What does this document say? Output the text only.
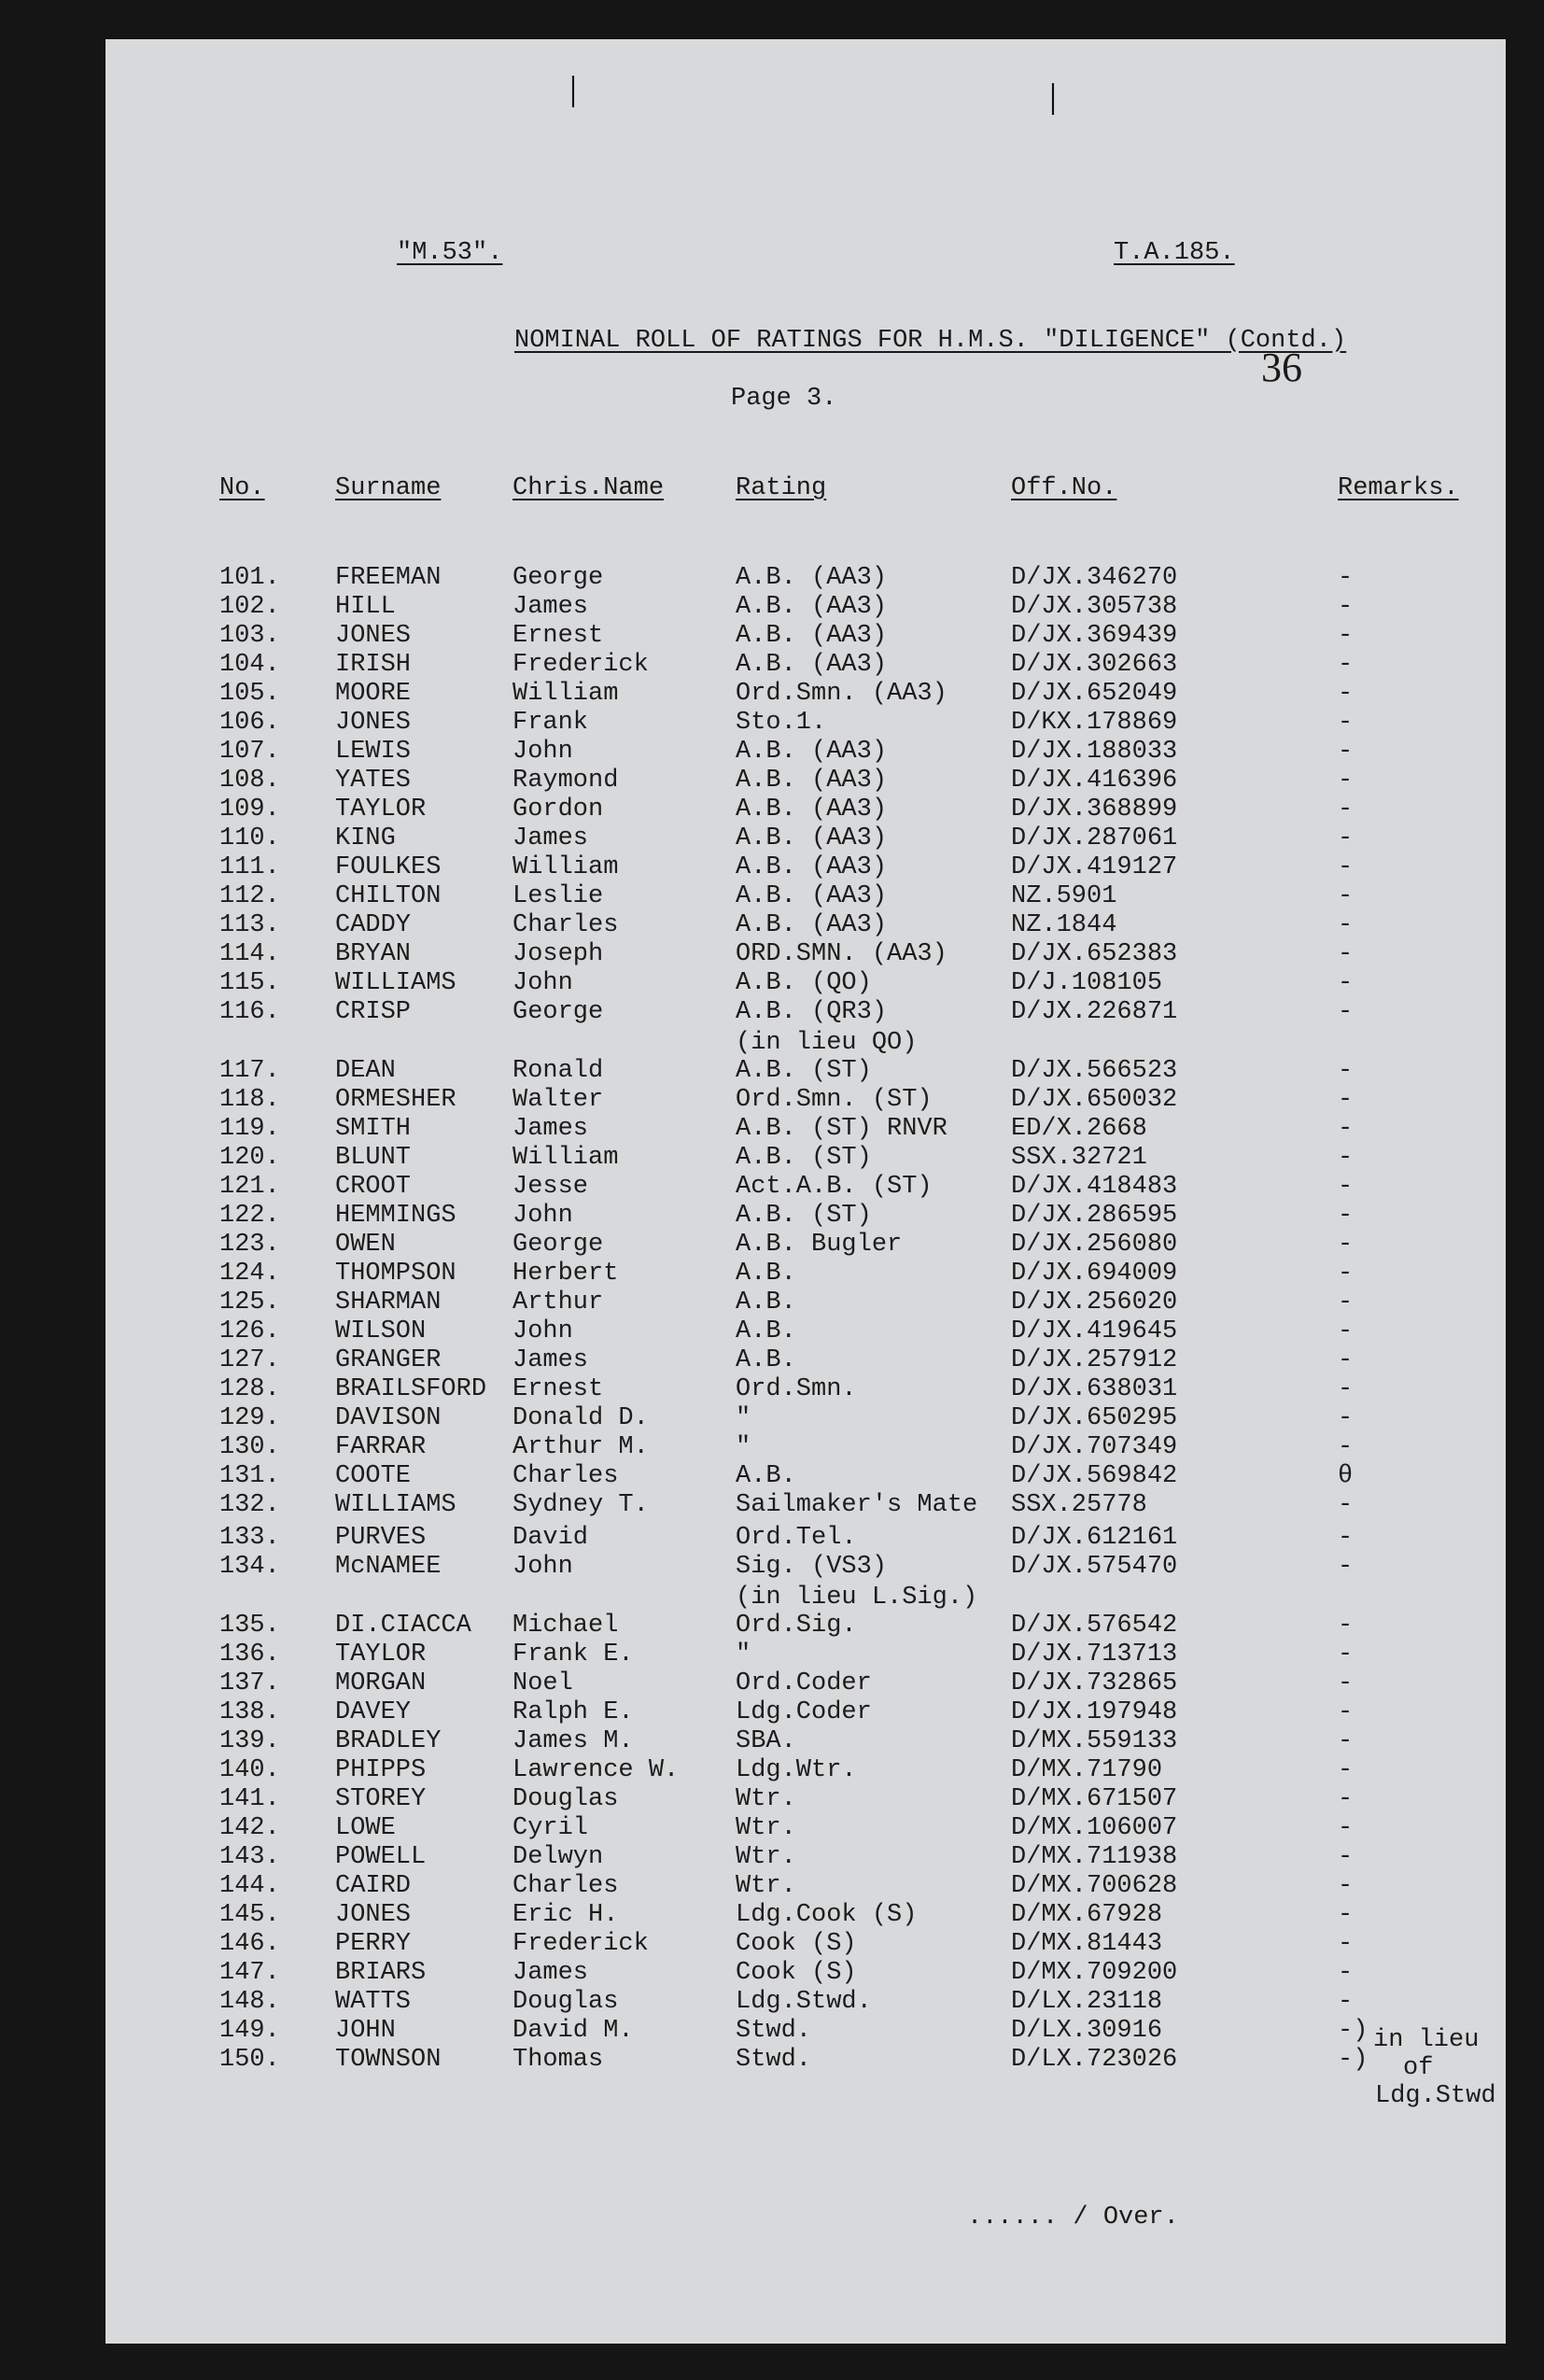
│	│
"M.53".	T.A.185.
NOMINAL ROLL OF RATINGS FOR H.M.S. "DILIGENCE" (Contd.)
36
Page 3.
No.	Surname	Chris.Name	Rating	Off.No.	Remarks.
101. FREEMAN	George	A.B. (AA3)	D/JX.346270	-
102. HILL	James	A.B. (AA3)	D/JX.305738	-
103. JONES	Ernest	A.B. (AA3)	D/JX.369439	-
104. IRISH	Frederick	A.B. (AA3)	D/JX.302663	-
105. MOORE	William	Ord.Smn. (AA3)	D/JX.652049	-
106. JONES	Frank	Sto.1.	D/KX.178869	-
107. LEWIS	John	A.B. (AA3)	D/JX.188033	-
108. YATES	Raymond	A.B. (AA3)	D/JX.416396	-
109. TAYLOR	Gordon	A.B. (AA3)	D/JX.368899	-
110. KING	James	A.B. (AA3)	D/JX.287061	-
111. FOULKES	William	A.B. (AA3)	D/JX.419127	-
112. CHILTON	Leslie	A.B. (AA3)	NZ.5901	-
113. CADDY	Charles	A.B. (AA3)	NZ.1844	-
114. BRYAN	Joseph	ORD.SMN. (AA3)	D/JX.652383	-
115. WILLIAMS John	A.B. (QO)	D/J.108105	-
116. CRISP	George	A.B. (QR3)	D/JX.226871	-
117. DEAN	Ronald	A.B. (ST)	D/JX.566523	-
118. ORMESHER Walter	Ord.Smn. (ST)	D/JX.650032	-
119. SMITH	James	A.B. (ST) RNVR	ED/X.2668	-
120. BLUNT	William	A.B. (ST)	SSX.32721	-
121. CROOT	Jesse	Act.A.B. (ST)	D/JX.418483	-
122. HEMMINGS John	A.B. (ST)	D/JX.286595	-
123. OWEN	George	A.B. Bugler	D/JX.256080	-
124. THOMPSON Herbert	A.B.	D/JX.694009	-
125. SHARMAN	Arthur	A.B.	D/JX.256020	-
126. WILSON	John	A.B.	D/JX.419645	-
127. GRANGER	James	A.B.	D/JX.257912	-
128. BRAILSFORD Ernest	Ord.Smn.	D/JX.638031	-
129. DAVISON	Donald D.	"	D/JX.650295	-
130. FARRAR	Arthur M.	"	D/JX.707349	-
131. COOTE	Charles	A.B.	D/JX.569842	θ
132. WILLIAMS Sydney T.	Sailmaker's Mate SSX.25778	-
133. PURVES	David	Ord.Tel.	D/JX.612161	-
134. McNAMEE	John	Sig. (VS3)	D/JX.575470	-
135. DI.CIACCA Michael	Ord.Sig.	D/JX.576542	-
136. TAYLOR	Frank E.	"	D/JX.713713	-
137. MORGAN	Noel	Ord.Coder	D/JX.732865	-
138. DAVEY	Ralph E.	Ldg.Coder	D/JX.197948	-
139. BRADLEY	James M.	SBA.	D/MX.559133	-
140. PHIPPS	Lawrence W. Ldg.Wtr.	D/MX.71790	-
141. STOREY	Douglas	Wtr.	D/MX.671507	-
142. LOWE	Cyril	Wtr.	D/MX.106007	-
143. POWELL	Delwyn	Wtr.	D/MX.711938	-
144. CAIRD	Charles	Wtr.	D/MX.700628	-
145. JONES	Eric H.	Ldg.Cook (S)	D/MX.67928	-
146. PERRY	Frederick	Cook (S)	D/MX.81443	-
147. BRIARS	James	Cook (S)	D/MX.709200	-
148. WATTS	Douglas	Ldg.Stwd.	D/LX.23118	-
149. JOHN	David M.	Stwd.	D/LX.30916	-)
150. TOWNSON	Thomas	Stwd.	D/LX.723026	-)
(in lieu QO)
(in lieu L.Sig.)
in lieu
of
Ldg.Stwd
...... / Over.
